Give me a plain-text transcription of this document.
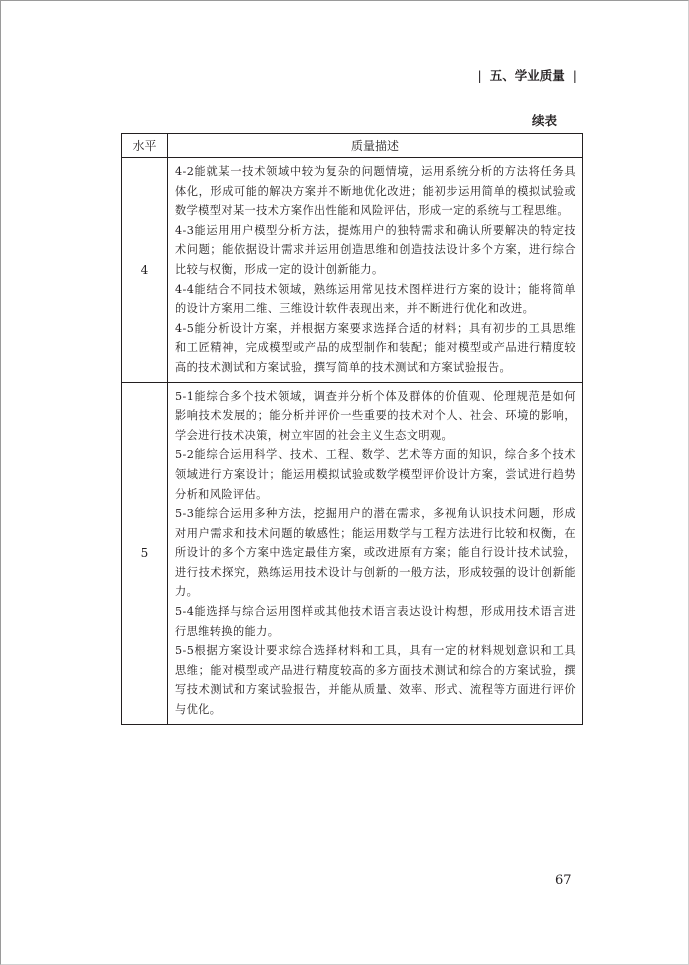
| 五、学业质量 |
续表
水平	质量描述
4	4-2能就某一技术领域中较为复杂的问题情境，运用系统分析的方法将任务具体化，形成可能的解决方案并不断地优化改进；能初步运用简单的模拟试验或数学模型对某一技术方案作出性能和风险评估，形成一定的系统与工程思维。

4-3能运用用户模型分析方法，提炼用户的独特需求和确认所要解决的特定技术问题；能依据设计需求并运用创造思维和创造技法设计多个方案，进行综合比较与权衡，形成一定的设计创新能力。

4-4能结合不同技术领域，熟练运用常见技术图样进行方案的设计；能将简单的设计方案用二维、三维设计软件表现出来，并不断进行优化和改进。

4-5能分析设计方案，并根据方案要求选择合适的材料；具有初步的工具思维和工匠精神，完成模型或产品的成型制作和装配；能对模型或产品进行精度较高的技术测试和方案试验，撰写简单的技术测试和方案试验报告。

5	5-1能综合多个技术领域，调查并分析个体及群体的价值观、伦理规范是如何影响技术发展的；能分析并评价一些重要的技术对个人、社会、环境的影响，学会进行技术决策，树立牢固的社会主义生态文明观。

5-2能综合运用科学、技术、工程、数学、艺术等方面的知识，综合多个技术领域进行方案设计；能运用模拟试验或数学模型评价设计方案，尝试进行趋势分析和风险评估。

5-3能综合运用多种方法，挖掘用户的潜在需求，多视角认识技术问题，形成对用户需求和技术问题的敏感性；能运用数学与工程方法进行比较和权衡，在所设计的多个方案中选定最佳方案，或改进原有方案；能自行设计技术试验，进行技术探究，熟练运用技术设计与创新的一般方法，形成较强的设计创新能力。

5-4能选择与综合运用图样或其他技术语言表达设计构想，形成用技术语言进行思维转换的能力。

5-5根据方案设计要求综合选择材料和工具，具有一定的材料规划意识和工具思维；能对模型或产品进行精度较高的多方面技术测试和综合的方案试验，撰写技术测试和方案试验报告，并能从质量、效率、形式、流程等方面进行评价与优化。

67
